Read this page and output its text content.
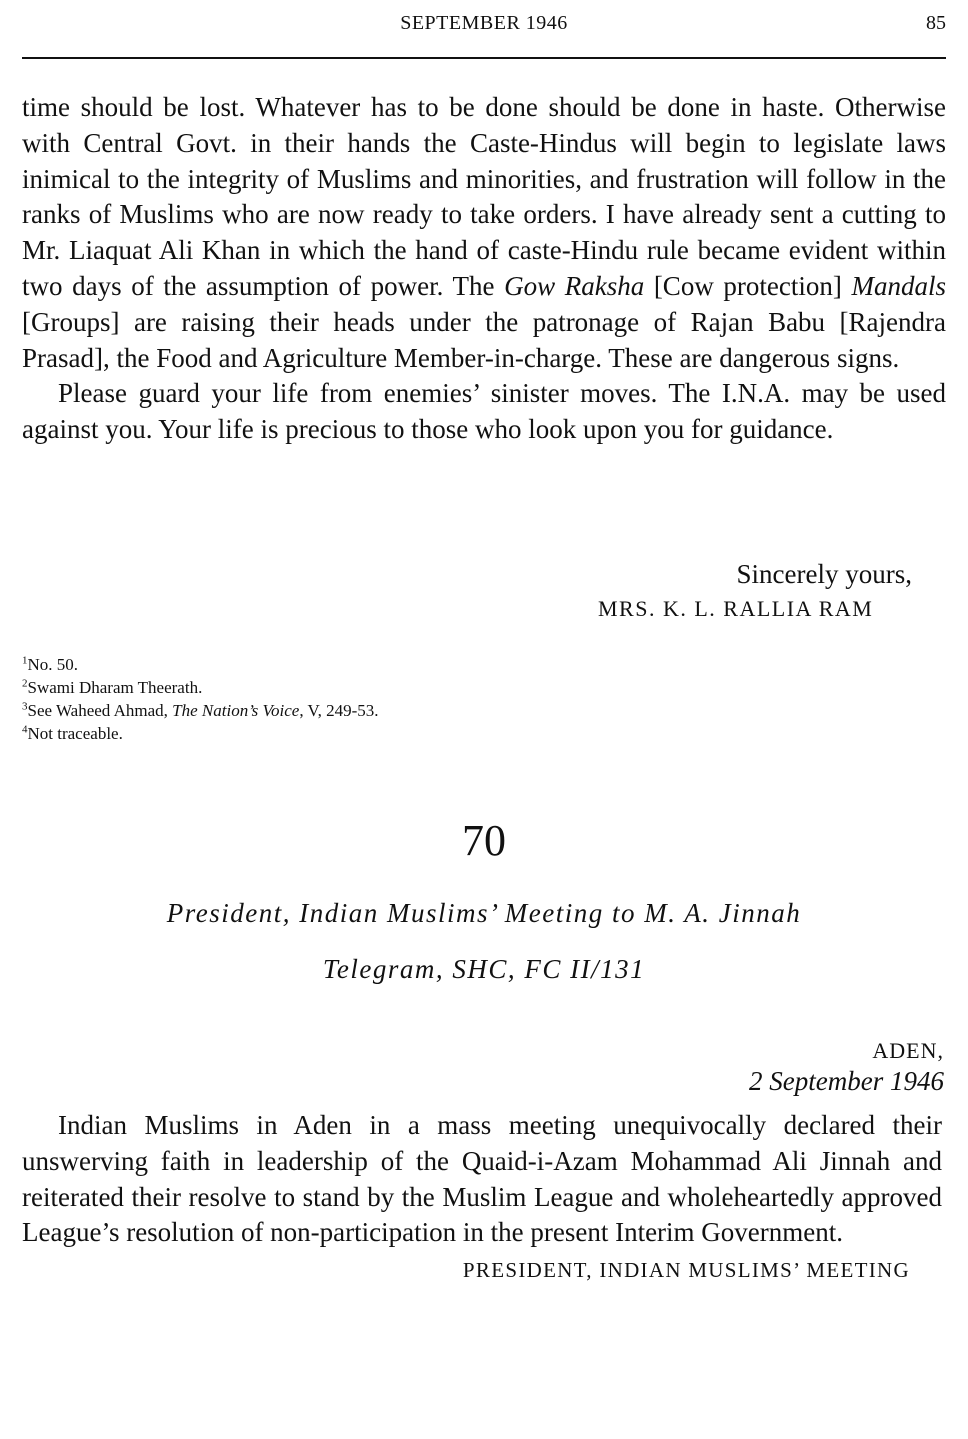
SEPTEMBER 1946	85

time should be lost. Whatever has to be done should be done in haste. Otherwise with Central Govt. in their hands the Caste-Hindus will begin to legislate laws inimical to the integrity of Muslims and minorities, and frustration will follow in the ranks of Muslims who are now ready to take orders. I have already sent a cutting to Mr. Liaquat Ali Khan in which the hand of caste-Hindu rule became evident within two days of the assumption of power. The Gow Raksha [Cow protection] Mandals [Groups] are raising their heads under the patronage of Rajan Babu [Rajendra Prasad], the Food and Agriculture Member-in-charge. These are dangerous signs.

Please guard your life from enemies’ sinister moves. The I.N.A. may be used against you. Your life is precious to those who look upon you for guidance.

Sincerely yours,
MRS. K. L. RALLIA RAM
$^1$No. 50.
$^2$Swami Dharam Theerath.
$^3$See Waheed Ahmad, The Nation’s Voice, V, 249-53.
$^4$Not traceable.
70
President, Indian Muslims’ Meeting to M. A. Jinnah
Telegram, SHC, FC II/131
ADEN,
2 September 1946

Indian Muslims in Aden in a mass meeting unequivocally declared their unswerving faith in leadership of the Quaid-i-Azam Mohammad Ali Jinnah and reiterated their resolve to stand by the Muslim League and wholeheartedly approved League’s resolution of non-participation in the present Interim Government.

PRESIDENT, INDIAN MUSLIMS’ MEETING
